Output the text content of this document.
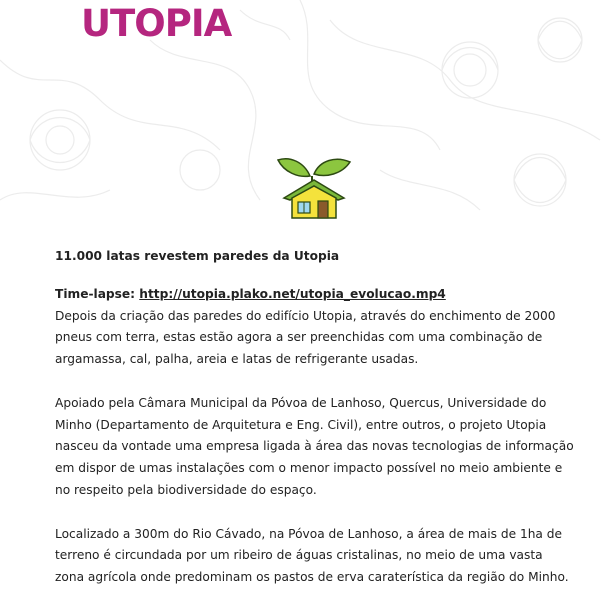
UTOPIA

11.000 latas revestem paredes da Utopia

Time-lapse: http://utopia.plako.net/utopia_evolucao.mp4

Depois da criação das paredes do edifício Utopia, através do enchimento de 2000 pneus com terra, estas estão agora a ser preenchidas com uma combinação de argamassa, cal, palha, areia e latas de refrigerante usadas.

Apoiado pela Câmara Municipal da Póvoa de Lanhoso, Quercus, Universidade do Minho (Departamento de Arquitetura e Eng. Civil), entre outros, o projeto Utopia nasceu da vontade uma empresa ligada à área das novas tecnologias de informação em dispor de umas instalações com o menor impacto possível no meio ambiente e no respeito pela biodiversidade do espaço.

Localizado a 300m do Rio Cávado, na Póvoa de Lanhoso, a área de mais de 1ha de terreno é circundada por um ribeiro de águas cristalinas, no meio de uma vasta zona agrícola onde predominam os pastos de erva caraterística da região do Minho.
